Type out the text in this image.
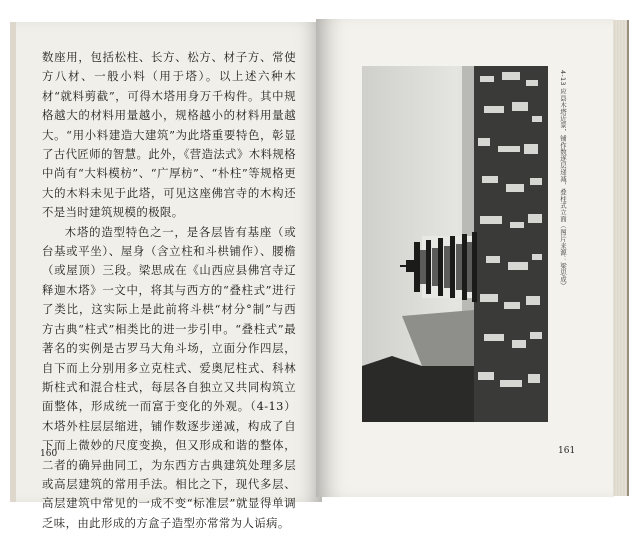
数座用，包括松柱、长方、松方、材子方、常使方八材、一般小料（用于塔）。以上述六种木材“就料剪截”，可得木塔用身万千构件。其中规格越大的材料用量越小，规格越小的材料用量越大。“用小料建造大建筑”为此塔重要特色，彰显了古代匠师的智慧。此外，《营造法式》木料规格中尚有“大料模枋”、“广厚枋”、“朴柱”等规格更大的木料未见于此塔，可见这座佛宫寺的木构还不是当时建筑规模的极限。

木塔的造型特色之一，是各层皆有基座（或台基或平坐）、屋身（含立柱和斗栱铺作）、腰檐（或屋顶）三段。梁思成在《山西应县佛宫寺辽释迦木塔》一文中，将其与西方的“叠柱式”进行了类比，这实际上是此前将斗栱“材分°制”与西方古典“柱式”相类比的进一步引申。“叠柱式”最著名的实例是古罗马大角斗场，立面分作四层，自下而上分别用多立克柱式、爱奥尼柱式、科林斯柱式和混合柱式，每层各自独立又共同构筑立面整体，形成统一而富于变化的外观。（4-13）木塔外柱层层缩进，铺作数逐步递减，构成了自下而上微妙的尺度变换，但又形成和谐的整体，二者的确异曲同工，为东西方古典建筑处理多层或高层建筑的常用手法。相比之下，现代多层、高层建筑中常见的一成不变“标准层”就显得单调乏味，由此形成的方盒子造型亦常常为人诟病。

160
4-13 应县木塔近景，铺作数逐层递减，叠柱式立面（图片来源：梁思成）
161
